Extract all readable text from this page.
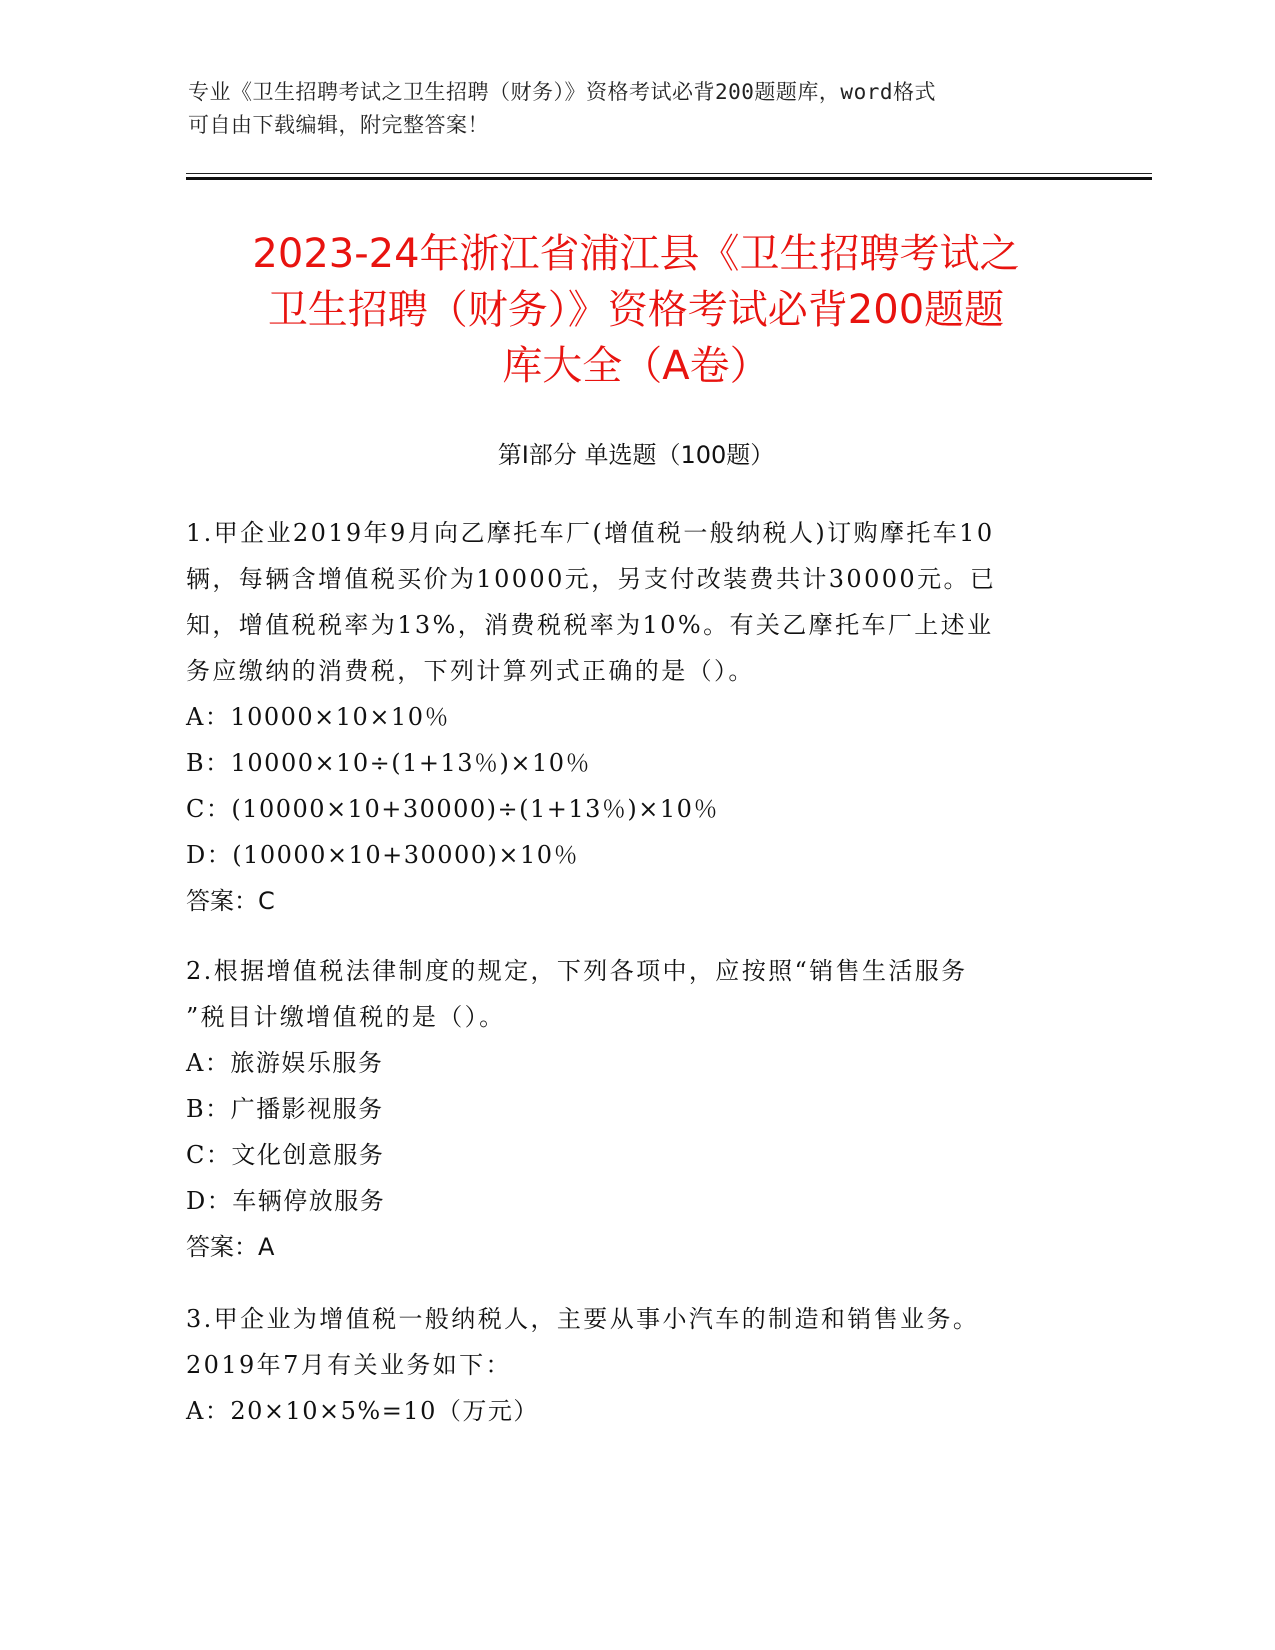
专业《卫生招聘考试之卫生招聘（财务）》资格考试必背200题题库，word格式
可自由下载编辑，附完整答案！
2023-24年浙江省浦江县《卫生招聘考试之
卫生招聘（财务）》资格考试必背200题题
库大全（A卷）
第Ⅰ部分 单选题（100题）

1.甲企业2019年9月向乙摩托车厂(增值税一般纳税人)订购摩托车10

辆，每辆含增值税买价为10000元，另支付改装费共计30000元。已

知，增值税税率为13%，消费税税率为10%。有关乙摩托车厂上述业

务应缴纳的消费税，下列计算列式正确的是（）。

A：10000×10×10％

B：10000×10÷(1+13％)×10％

C：(10000×10+30000)÷(1+13％)×10％

D：(10000×10+30000)×10％

答案：C

2.根据增值税法律制度的规定，下列各项中，应按照“销售生活服务

”税目计缴增值税的是（）。

A：旅游娱乐服务

B：广播影视服务

C：文化创意服务

D：车辆停放服务

答案：A

3.甲企业为增值税一般纳税人，主要从事小汽车的制造和销售业务。

2019年7月有关业务如下：

A：20×10×5%=10（万元）
